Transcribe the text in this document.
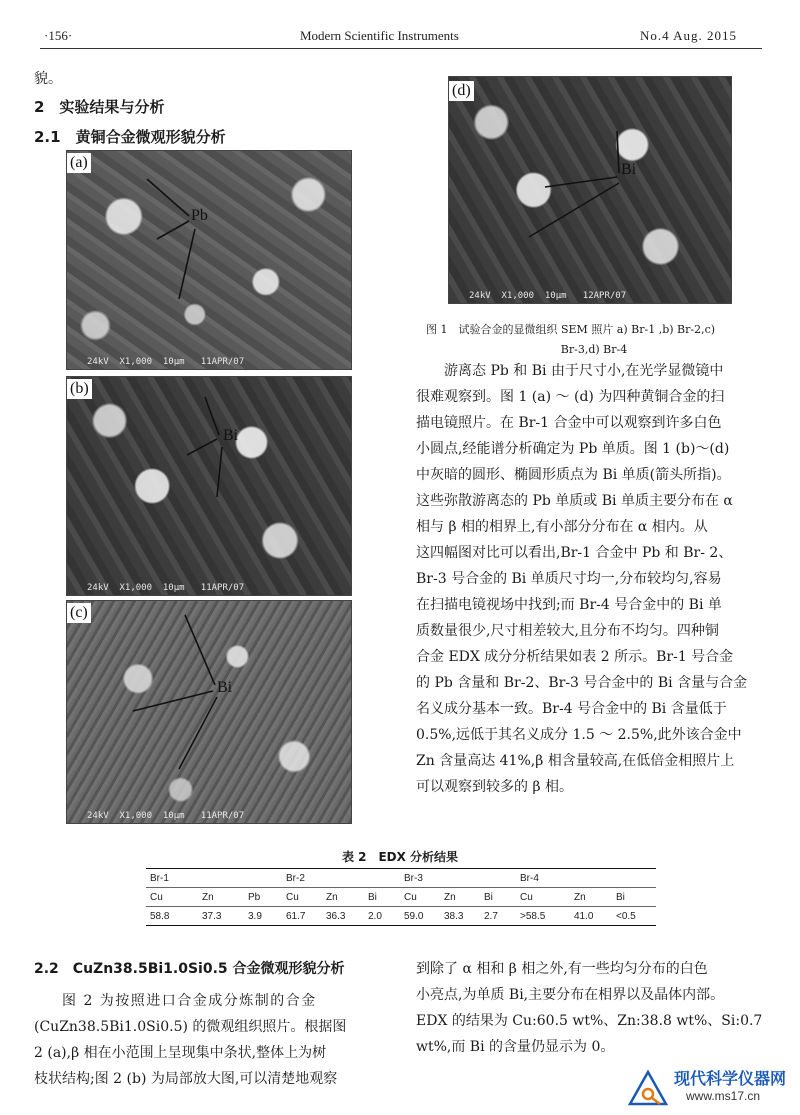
·156·	Modern Scientific Instruments	No.4 Aug. 2015
貌。
2　实验结果与分析
2.1　黄铜合金微观形貌分析
(a)
Pb
24kV  X1,000  10μm   11APR/07
(b)
Bi
24kV  X1,000  10μm   11APR/07
(c)
Bi
24kV  X1,000  10μm   11APR/07
(d)
Bi
24kV  X1,000  10μm   12APR/07
图 1　试验合金的显微组织 SEM 照片 a) Br-1 ,b) Br-2,c)
Br-3,d) Br-4
游离态 Pb 和 Bi 由于尺寸小,在光学显微镜中
很难观察到。图 1 (a) ～ (d) 为四种黄铜合金的扫
描电镜照片。在 Br-1 合金中可以观察到许多白色
小圆点,经能谱分析确定为 Pb 单质。图 1 (b)～(d)
中灰暗的圆形、椭圆形质点为 Bi 单质(箭头所指)。
这些弥散游离态的 Pb 单质或 Bi 单质主要分布在 α
相与 β 相的相界上,有小部分分布在 α 相内。从
这四幅图对比可以看出,Br-1 合金中 Pb 和 Br- 2、
Br-3 号合金的 Bi 单质尺寸均一,分布较均匀,容易
在扫描电镜视场中找到;而 Br-4 号合金中的 Bi 单
质数量很少,尺寸相差较大,且分布不均匀。四种铜
合金 EDX 成分分析结果如表 2 所示。Br-1 号合金
的 Pb 含量和 Br-2、Br-3 号合金中的 Bi 含量与合金
名义成分基本一致。Br-4 号合金中的 Bi 含量低于
0.5%,远低于其名义成分 1.5 ～ 2.5%,此外该合金中
Zn 含量高达 41%,β 相含量较高,在低倍金相照片上
可以观察到较多的 β 相。
表 2　EDX 分析结果
Br-1			Br-2			Br-3			Br-4		
Cu	Zn	Pb	Cu	Zn	Bi	Cu	Zn	Bi	Cu	Zn	Bi
58.8	37.3	3.9	61.7	36.3	2.0	59.0	38.3	2.7	>58.5	41.0	<0.5
2.2　CuZn38.5Bi1.0Si0.5 合金微观形貌分析
图 2 为按照进口合金成分炼制的合金
(CuZn38.5Bi1.0Si0.5) 的微观组织照片。根据图
2 (a),β 相在小范围上呈现集中条状,整体上为树
枝状结构;图 2 (b) 为局部放大图,可以清楚地观察
到除了 α 相和 β 相之外,有一些均匀分布的白色
小亮点,为单质 Bi,主要分布在相界以及晶体内部。
EDX 的结果为 Cu:60.5 wt%、Zn:38.8 wt%、Si:0.7
wt%,而 Bi 的含量仍显示为 0。
现代科学仪器网
www.ms17.cn
